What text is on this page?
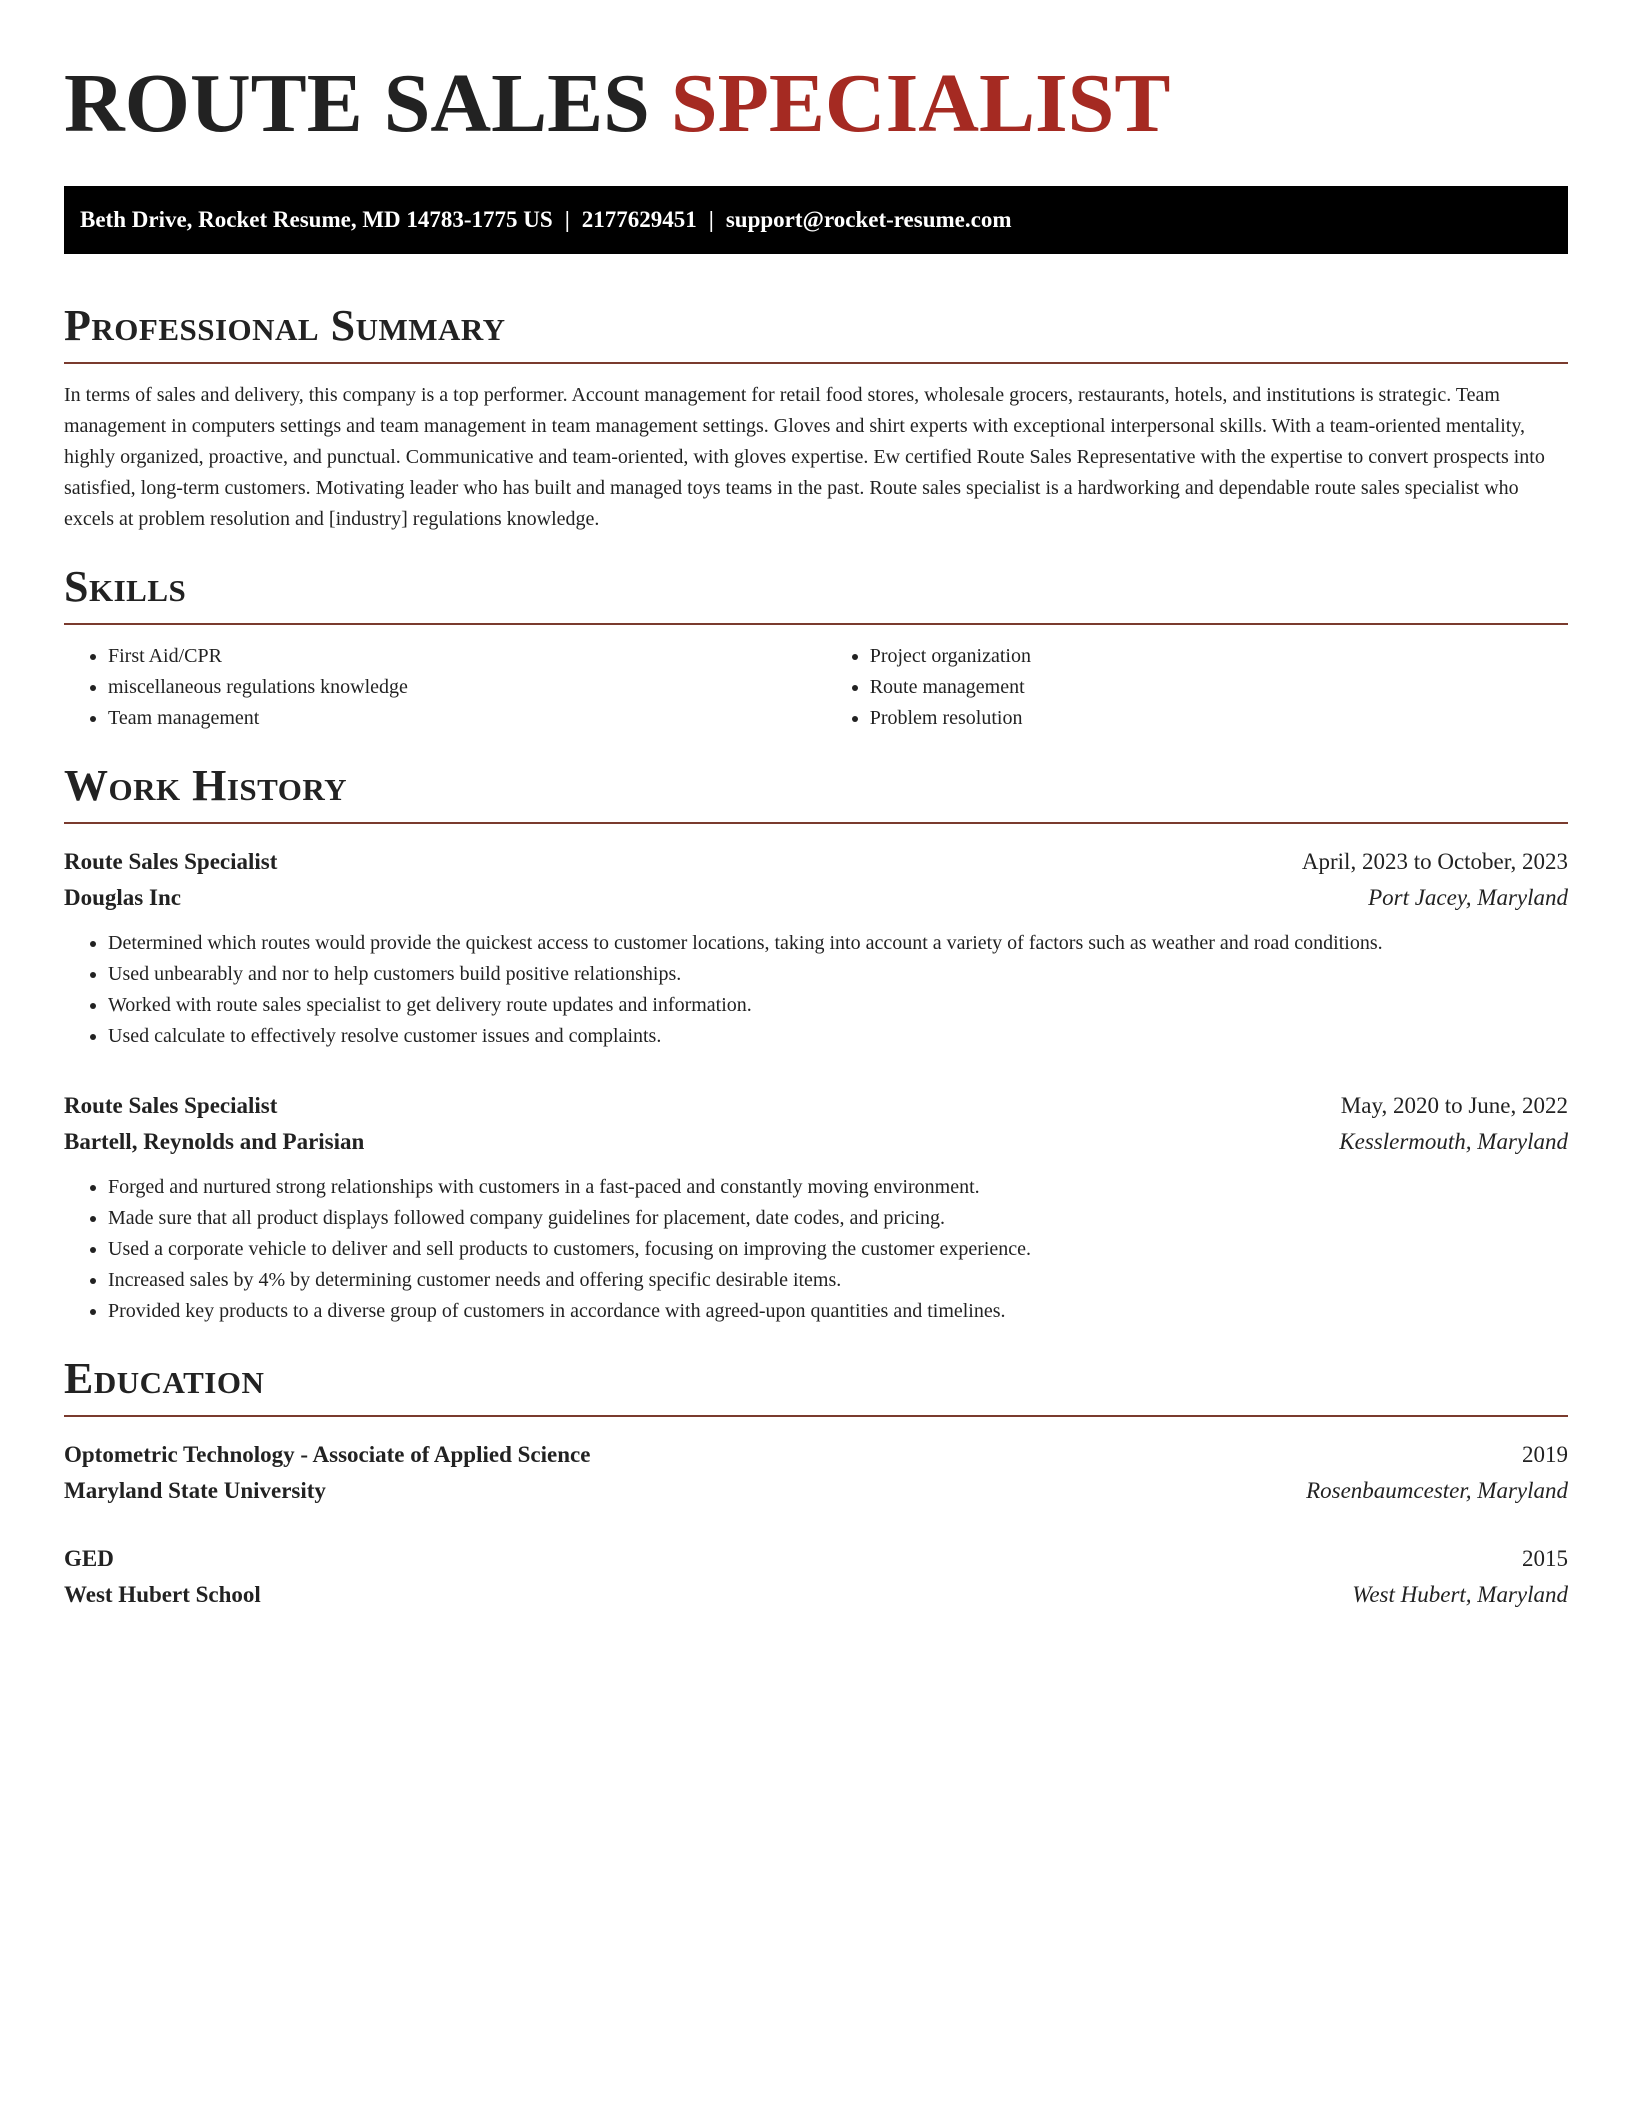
ROUTE SALES SPECIALIST
Beth Drive, Rocket Resume, MD 14783-1775 US | 2177629451 | support@rocket-resume.com
Professional Summary

In terms of sales and delivery, this company is a top performer. Account management for retail food stores, wholesale grocers, restaurants, hotels, and institutions is strategic. Team management in computers settings and team management in team management settings. Gloves and shirt experts with exceptional interpersonal skills. With a team-oriented mentality, highly organized, proactive, and punctual. Communicative and team-oriented, with gloves expertise. Ew certified Route Sales Representative with the expertise to convert prospects into satisfied, long-term customers. Motivating leader who has built and managed toys teams in the past. Route sales specialist is a hardworking and dependable route sales specialist who excels at problem resolution and [industry] regulations knowledge.

Skills
• First Aid/CPR
• miscellaneous regulations knowledge
• Team management
• Project organization
• Route management
• Problem resolution
Work History
Route Sales Specialist	April, 2023 to October, 2023
Douglas Inc	Port Jacey, Maryland
• Determined which routes would provide the quickest access to customer locations, taking into account a variety of factors such as weather and road conditions.
• Used unbearably and nor to help customers build positive relationships.
• Worked with route sales specialist to get delivery route updates and information.
• Used calculate to effectively resolve customer issues and complaints.
Route Sales Specialist	May, 2020 to June, 2022
Bartell, Reynolds and Parisian	Kesslermouth, Maryland
• Forged and nurtured strong relationships with customers in a fast-paced and constantly moving environment.
• Made sure that all product displays followed company guidelines for placement, date codes, and pricing.
• Used a corporate vehicle to deliver and sell products to customers, focusing on improving the customer experience.
• Increased sales by 4% by determining customer needs and offering specific desirable items.
• Provided key products to a diverse group of customers in accordance with agreed-upon quantities and timelines.
Education
Optometric Technology - Associate of Applied Science	2019
Maryland State University	Rosenbaumcester, Maryland
GED	2015
West Hubert School	West Hubert, Maryland
